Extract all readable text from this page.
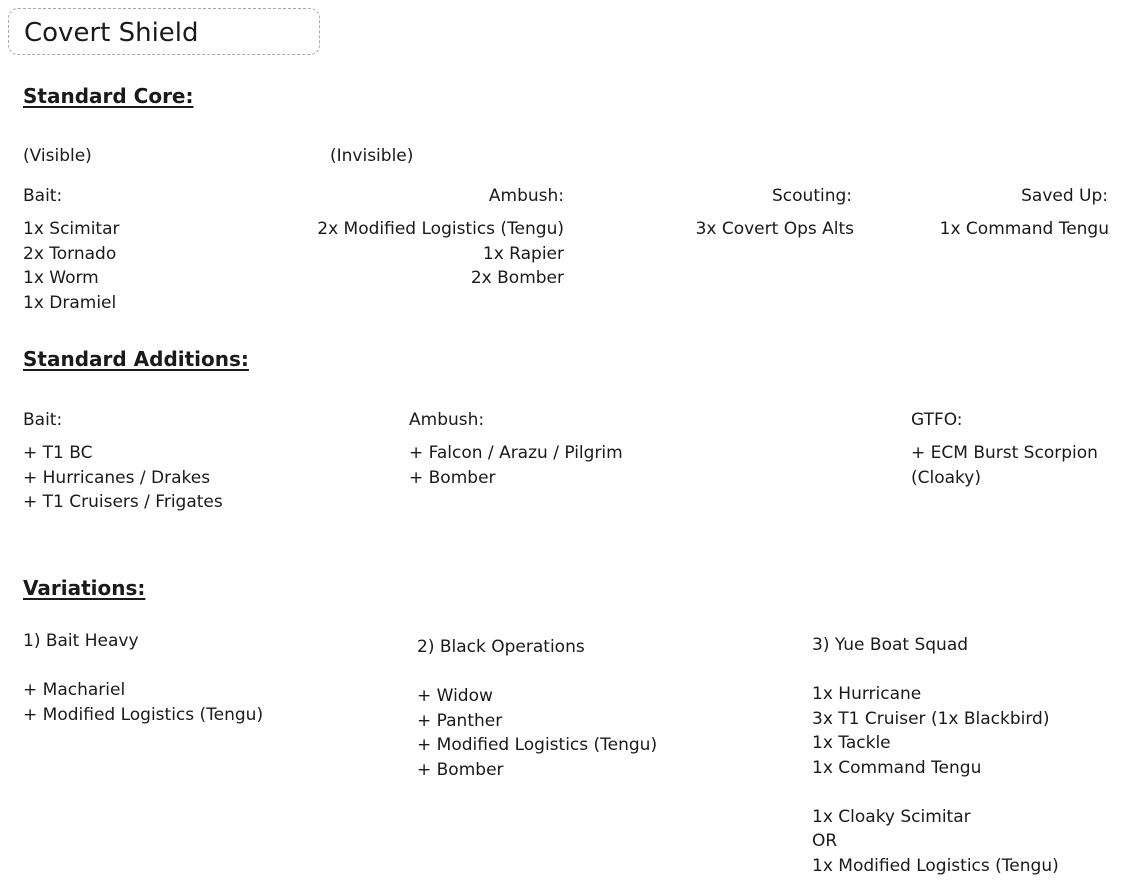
Covert Shield
Standard Core:
(Visible)	(Invisible)
Bait:
1x Scimitar
2x Tornado
1x Worm
1x Dramiel
Ambush:
2x Modified Logistics (Tengu)
1x Rapier
2x Bomber
Scouting:
3x Covert Ops Alts
Saved Up:
1x Command Tengu
Standard Additions:
Bait:
+ T1 BC
+ Hurricanes / Drakes
+ T1 Cruisers / Frigates
Ambush:
+ Falcon / Arazu / Pilgrim
+ Bomber
GTFO:
+ ECM Burst Scorpion
(Cloaky)
Variations:
1) Bait Heavy
+ Machariel
+ Modified Logistics (Tengu)
2) Black Operations
+ Widow
+ Panther
+ Modified Logistics (Tengu)
+ Bomber
3) Yue Boat Squad
1x Hurricane
3x T1 Cruiser (1x Blackbird)
1x Tackle
1x Command Tengu
1x Cloaky Scimitar
OR
1x Modified Logistics (Tengu)
